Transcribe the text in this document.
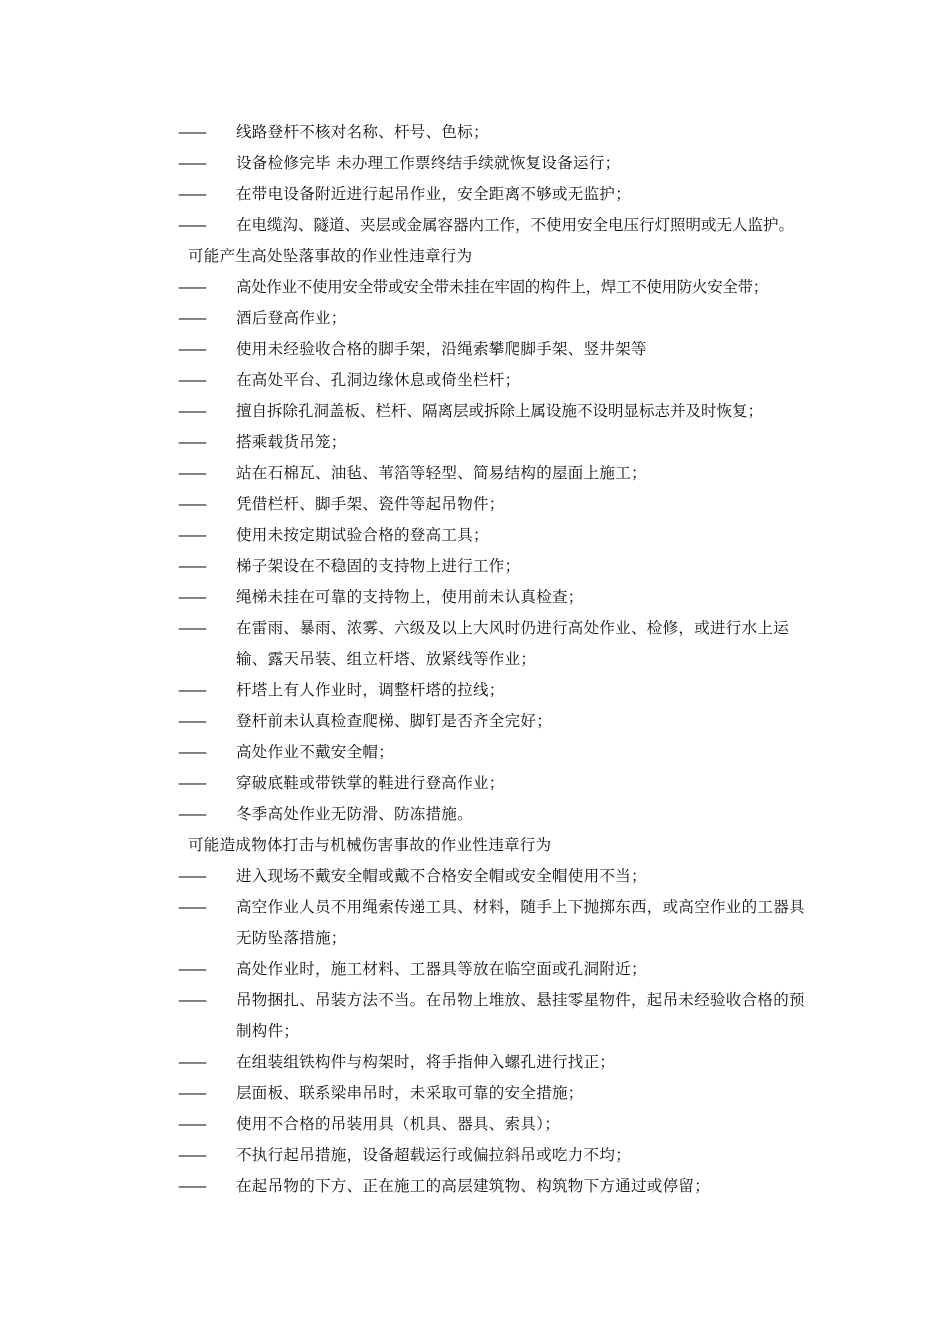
—— 线路登杆不核对名称、杆号、色标；
—— 设备检修完毕 未办理工作票终结手续就恢复设备运行；
—— 在带电设备附近进行起吊作业，安全距离不够或无监护；
—— 在电缆沟、隧道、夹层或金属容器内工作，不使用安全电压行灯照明或无人监护。
可能产生高处坠落事故的作业性违章行为
—— 高处作业不使用安全带或安全带未挂在牢固的构件上，焊工不使用防火安全带；
—— 酒后登高作业；
—— 使用未经验收合格的脚手架，沿绳索攀爬脚手架、竖井架等
—— 在高处平台、孔洞边缘休息或倚坐栏杆；
—— 擅自拆除孔洞盖板、栏杆、隔离层或拆除上属设施不设明显标志并及时恢复；
—— 搭乘载货吊笼；
—— 站在石棉瓦、油毡、苇箔等轻型、简易结构的屋面上施工；
—— 凭借栏杆、脚手架、瓷件等起吊物件；
—— 使用未按定期试验合格的登高工具；
—— 梯子架设在不稳固的支持物上进行工作；
—— 绳梯未挂在可靠的支持物上，使用前未认真检查；
—— 在雷雨、暴雨、浓雾、六级及以上大风时仍进行高处作业、检修，或进行水上运输、露天吊装、组立杆塔、放紧线等作业；
—— 杆塔上有人作业时，调整杆塔的拉线；
—— 登杆前未认真检查爬梯、脚钉是否齐全完好；
—— 高处作业不戴安全帽；
—— 穿破底鞋或带铁掌的鞋进行登高作业；
—— 冬季高处作业无防滑、防冻措施。
可能造成物体打击与机械伤害事故的作业性违章行为
—— 进入现场不戴安全帽或戴不合格安全帽或安全帽使用不当；
—— 高空作业人员不用绳索传递工具、材料，随手上下抛掷东西，或高空作业的工器具无防坠落措施；
—— 高处作业时，施工材料、工器具等放在临空面或孔洞附近；
—— 吊物捆扎、吊装方法不当。在吊物上堆放、悬挂零星物件，起吊未经验收合格的预制构件；
—— 在组装组铁构件与构架时，将手指伸入螺孔进行找正；
—— 层面板、联系梁串吊时，未采取可靠的安全措施；
—— 使用不合格的吊装用具（机具、器具、索具）；
—— 不执行起吊措施，设备超载运行或偏拉斜吊或吃力不均；
—— 在起吊物的下方、正在施工的高层建筑物、构筑物下方通过或停留；
